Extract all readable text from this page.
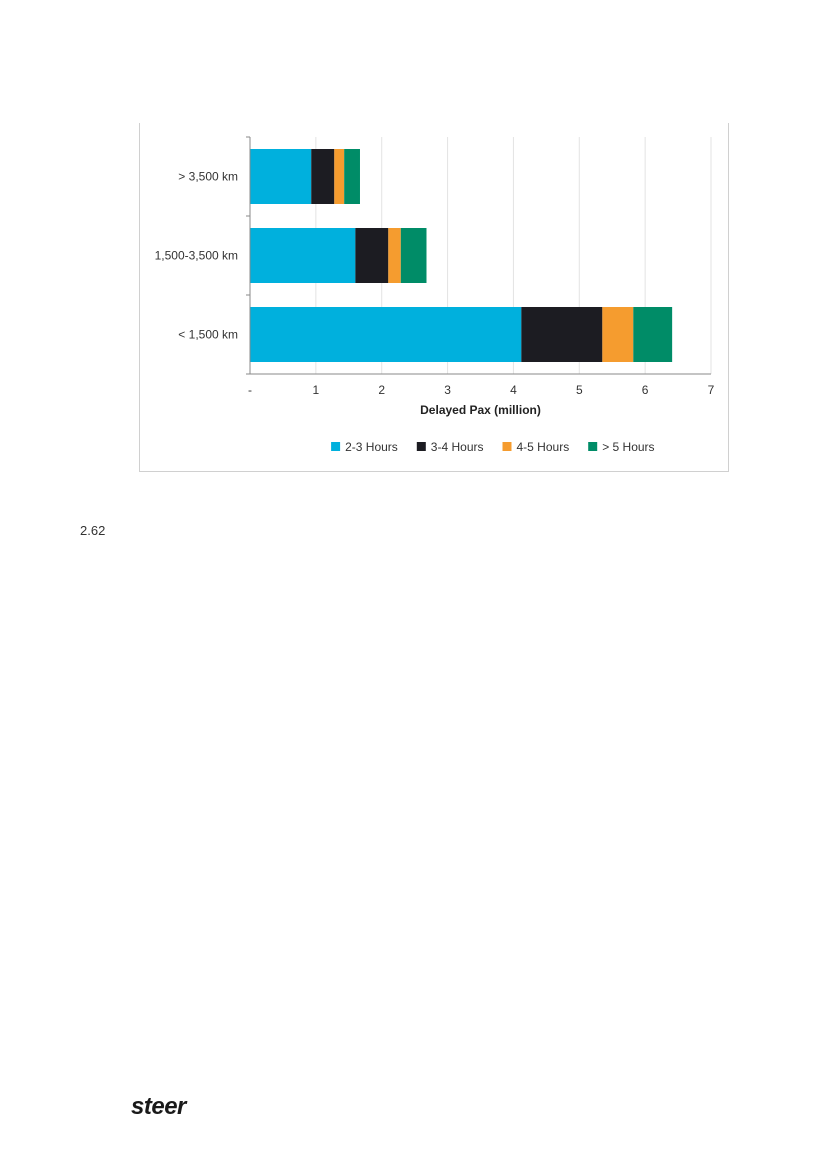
> 3,500 km
1,500-3,500 km
< 1,500 km
-	1	2	3	4	5	6	7
Delayed Pax (million)
2-3 Hours	3-4 Hours	4-5 Hours	> 5 Hours
2.62
steer
